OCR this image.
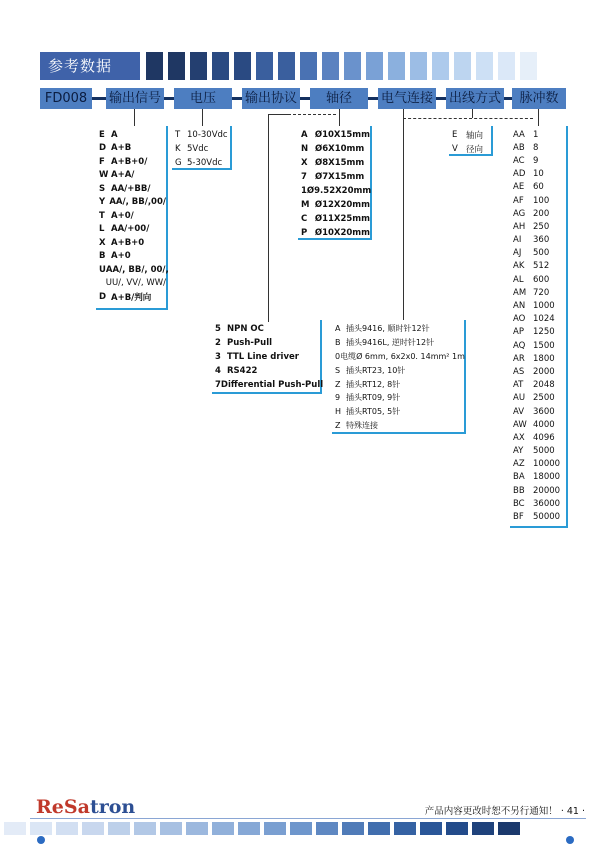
参考数据
FD008	输出信号	电压	输出协议	轴径	电气连接 出线方式	脉冲数
E A
D A+B
F A+B+0/
W A+A/
S AA/+BB/
Y AA/, BB/,00/
T A+0/
L AA/+00/
X A+B+0
B A+0
U AA/, BB/, 00/,
UU/, VV/, WW/
D A+B/判向
T 10-30Vdc
K 5Vdc
G 5-30Vdc
A Ø10X15mm
N Ø6X10mm
X Ø8X15mm
7 Ø7X15mm
1 Ø9.52X20mm
M Ø12X20mm
C Ø11X25mm
P Ø10X20mm
E	轴向
V 径向
AA 1
AB 8
AC 9
AD 10
AE	60
AF	100
AG 200
AH 250
AI	360
AJ	500
AK	512
AL	600
AM 720
AN 1000
AO 1024
AP	1250
AQ 1500
AR 1800
AS	2000
AT	2048
AU 2500
AV	3600
AW 4000
AX 4096
AY	5000
AZ 10000
BA 18000
BB 20000
BC 36000
BF	50000
5 NPN OC
2 Push-Pull
3 TTL Line driver
4 RS422
7 Differential Push-Pull
A 插头9416, 顺时针12针
B 插头9416L, 逆时针12针
0 电缆Ø 6mm, 6x2x0. 14mm² 1m
S 插头RT23, 10针
Z 插头RT12, 8针
9 插头RT09, 9针
H 插头RT05, 5针
Z 特殊连接
ReSatron	产品内容更改时恕不另行通知！ · 41 ·
